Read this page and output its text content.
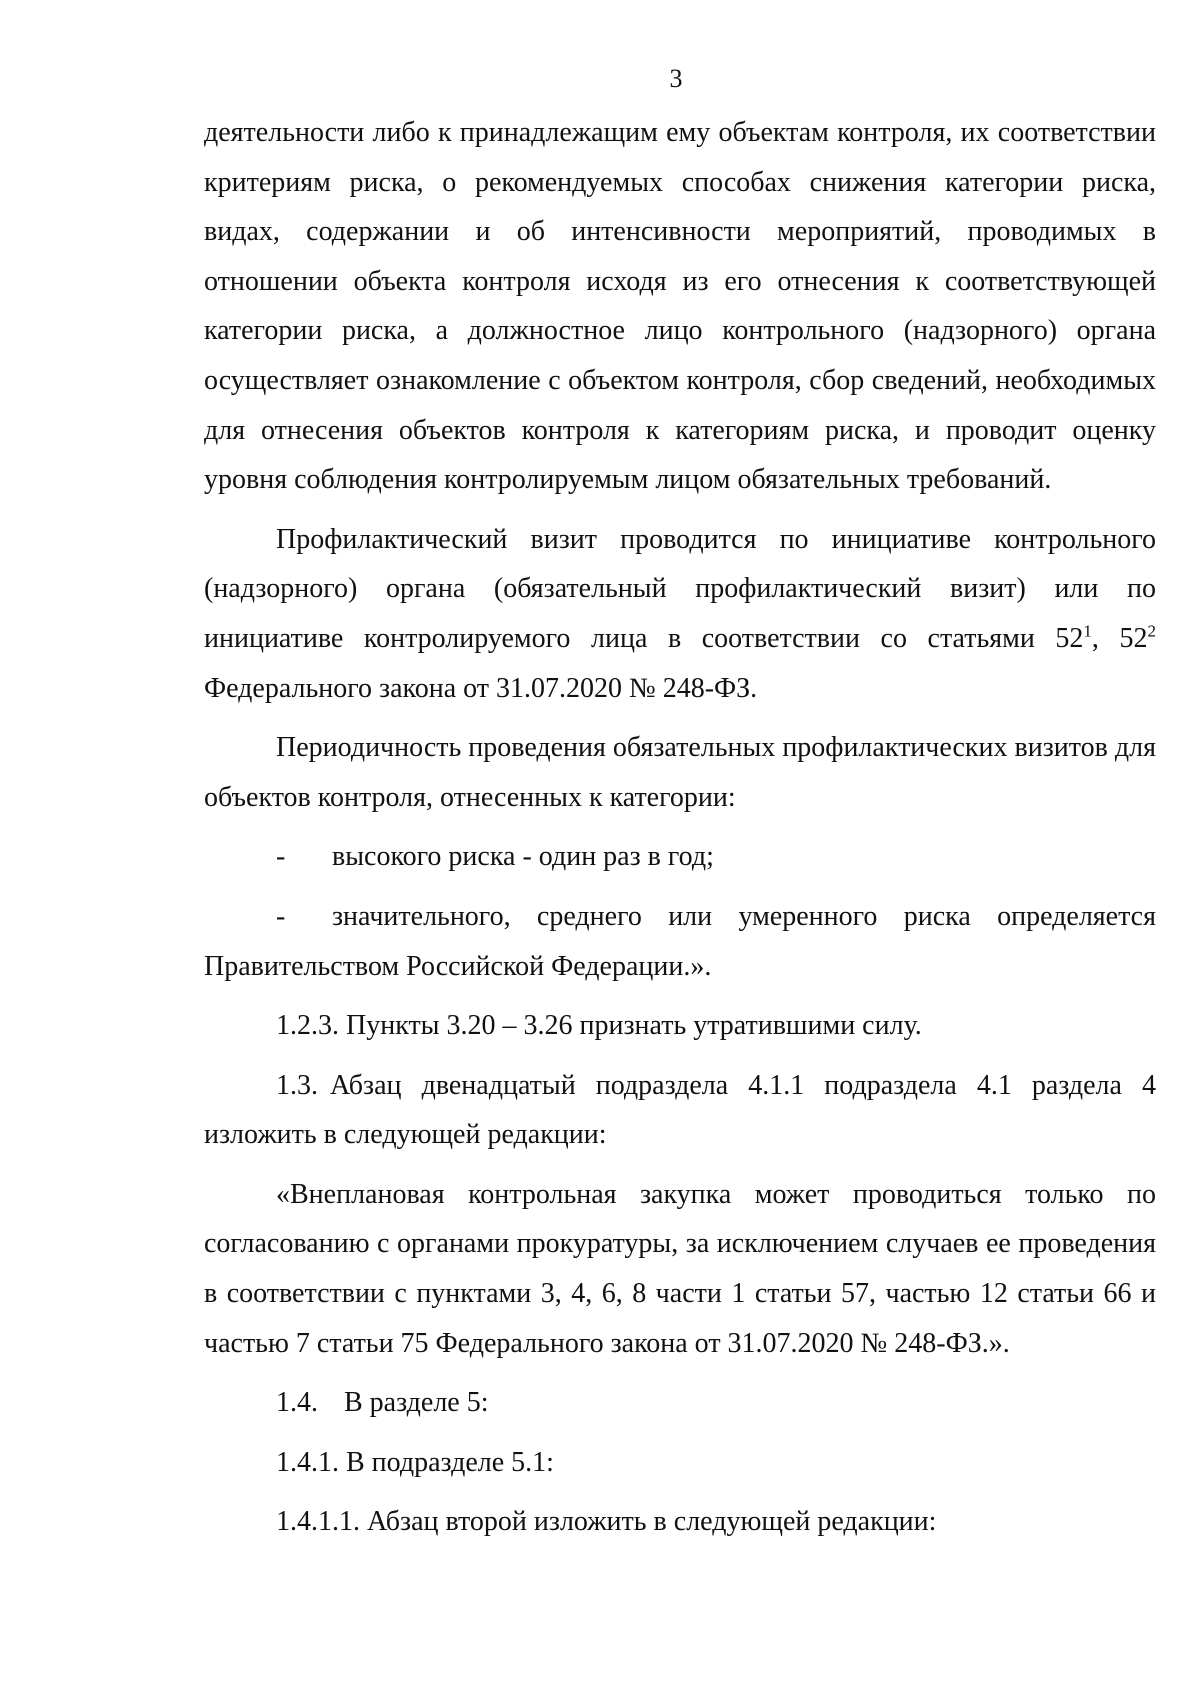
3

деятельности либо к принадлежащим ему объектам контроля, их соответствии критериям риска, о рекомендуемых способах снижения категории риска, видах, содержании и об интенсивности мероприятий, проводимых в отношении объекта контроля исходя из его отнесения к соответствующей категории риска, а должностное лицо контрольного (надзорного) органа осуществляет ознакомление с объектом контроля, сбор сведений, необходимых для отнесения объектов контроля к категориям риска, и проводит оценку уровня соблюдения контролируемым лицом обязательных требований.

Профилактический визит проводится по инициативе контрольного (надзорного) органа (обязательный профилактический визит) или по инициативе контролируемого лица в соответствии со статьями $52^1$, $52^2$ Федерального закона от 31.07.2020 № 248-ФЗ.

Периодичность проведения обязательных профилактических визитов для объектов контроля, отнесенных к категории:

-	высокого риска - один раз в год;
-	значительного, среднего или умеренного риска определяется
Правительством Российской Федерации.».

1.2.3. Пункты 3.20 – 3.26 признать утратившими силу.

1.3. Абзац двенадцатый подраздела 4.1.1 подраздела 4.1 раздела 4 изложить в следующей редакции:

«Внеплановая контрольная закупка может проводиться только по согласованию с органами прокуратуры, за исключением случаев ее проведения в соответствии с пунктами 3, 4, 6, 8 части 1 статьи 57, частью 12 статьи 66 и частью 7 статьи 75 Федерального закона от 31.07.2020 № 248-ФЗ.».

1.4. В разделе 5:

1.4.1. В подразделе 5.1:

1.4.1.1. Абзац второй изложить в следующей редакции:
